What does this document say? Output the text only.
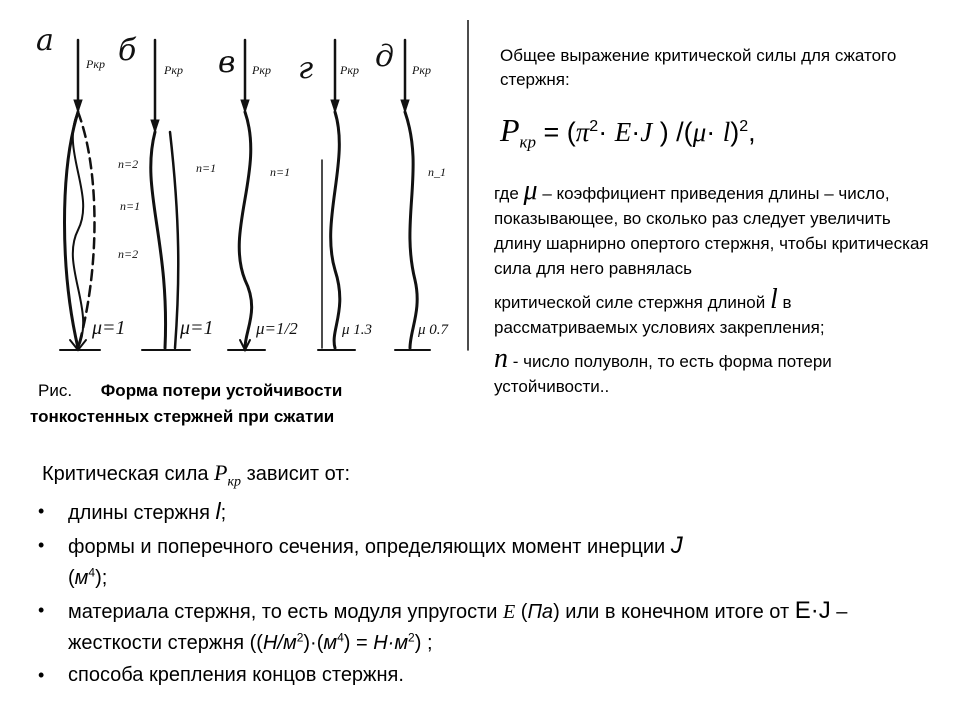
а б	в г д
Pкр	Pкр	Pкр	Pкр	Pкр
n=2	n=1
n=2
n=1
n=1	n_1
μ=1	μ=1 μ=1/2	μ 1.3	μ 0.7
Рис. Форма потери устойчивости
тонкостенных стержней при сжатии
Общее выражение критической силы для сжатого стержня:
$P_{кр} = (\pi^2\cdot E\cdot J$ ) $/(\mu\cdot l)^2$,

где μ – коэффициент приведения длины – число, показывающее, во сколько раз следует увеличить длину шарнирно опертого стержня, чтобы критическая сила для него равнялась

критической силе стержня длиной l в рассматриваемых условиях закрепления;

n - число полуволн, то есть форма потери устойчивости..

Критическая сила $P_{кр}$ зависит от:
• длины стержня l;
• формы и поперечного сечения, определяющих момент инерции J
$(м^4)$;
• материала стержня, то есть модуля упругости E (Па) или в конечном итоге от E·J – жесткости стержня $((Н/м^2)\cdot(м^4) = Н\cdot м^2)$ ;
• способа крепления концов стержня.
